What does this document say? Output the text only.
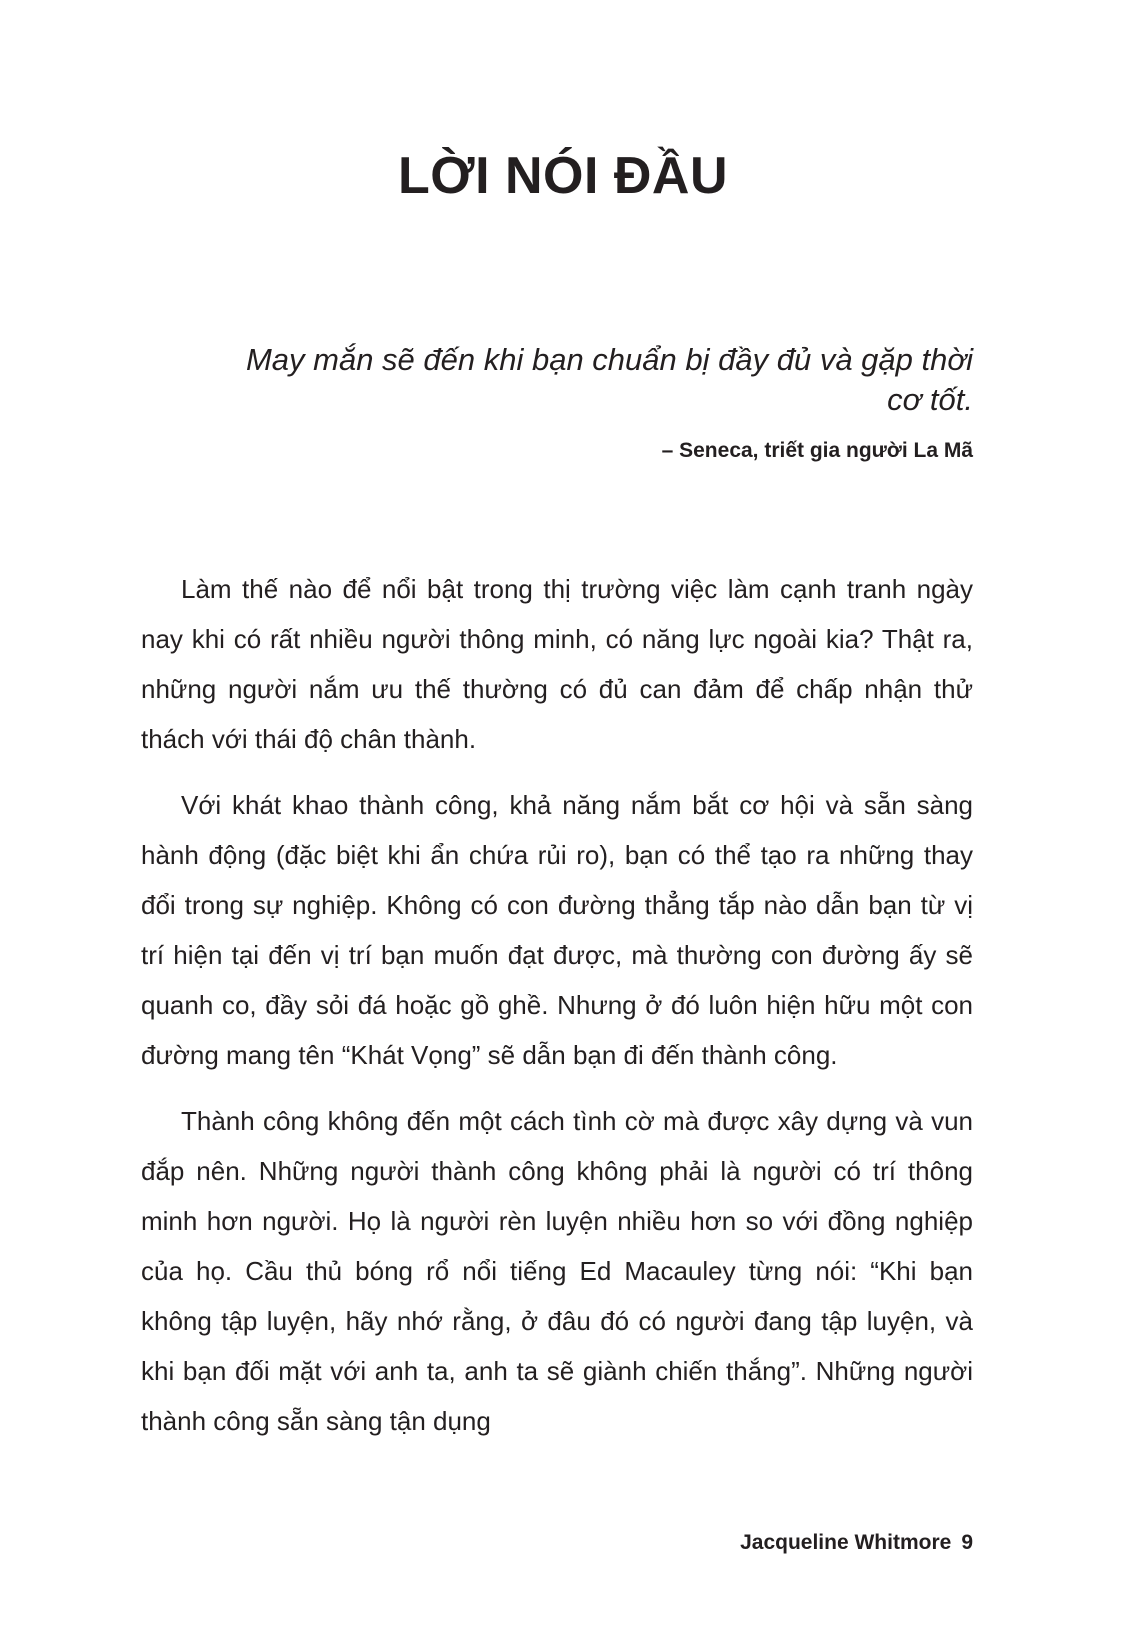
LỜI NÓI ĐẦU

May mắn sẽ đến khi bạn chuẩn bị đầy đủ và gặp thời cơ tốt.

– Seneca, triết gia người La Mã

Làm thế nào để nổi bật trong thị trường việc làm cạnh tranh ngày nay khi có rất nhiều người thông minh, có năng lực ngoài kia? Thật ra, những người nắm ưu thế thường có đủ can đảm để chấp nhận thử thách với thái độ chân thành.

Với khát khao thành công, khả năng nắm bắt cơ hội và sẵn sàng hành động (đặc biệt khi ẩn chứa rủi ro), bạn có thể tạo ra những thay đổi trong sự nghiệp. Không có con đường thẳng tắp nào dẫn bạn từ vị trí hiện tại đến vị trí bạn muốn đạt được, mà thường con đường ấy sẽ quanh co, đầy sỏi đá hoặc gồ ghề. Nhưng ở đó luôn hiện hữu một con đường mang tên “Khát Vọng” sẽ dẫn bạn đi đến thành công.

Thành công không đến một cách tình cờ mà được xây dựng và vun đắp nên. Những người thành công không phải là người có trí thông minh hơn người. Họ là người rèn luyện nhiều hơn so với đồng nghiệp của họ. Cầu thủ bóng rổ nổi tiếng Ed Macauley từng nói: “Khi bạn không tập luyện, hãy nhớ rằng, ở đâu đó có người đang tập luyện, và khi bạn đối mặt với anh ta, anh ta sẽ giành chiến thắng”. Những người thành công sẵn sàng tận dụng

Jacqueline Whitmore 9
